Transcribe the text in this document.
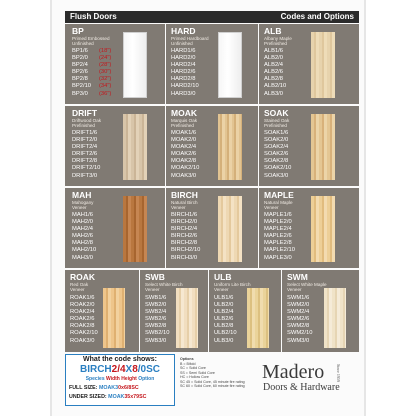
Flush Doors	Codes and Options
BP
Primed Embossed
Unfinished
BP1/6
BP2/0
BP2/4
BP2/6
BP2/8
BP2/10
BP3/0
(18")
(24")
(28")
(30")
(32")
(34")
(36")
HARD
Primed Hardboard
Unfinished
HARD1/6
HARD2/0
HARD2/4
HARD2/6
HARD2/8
HARD2/10
HARD3/0
ALB
Albany Maple
Prefinished
ALB1/6
ALB2/0
ALB2/4
ALB2/6
ALB2/8
ALB2/10
ALB3/0
DRIFT
Driftwood Oak
Prefinished
DRIFT1/6
DRIFT2/0
DRIFT2/4
DRIFT2/6
DRIFT2/8
DRIFT2/10
DRIFT3/0
MOAK
Marquis Oak
Prefinished
MOAK1/6
MOAK2/0
MOAK2/4
MOAK2/6
MOAK2/8
MOAK2/10
MOAK3/0
SOAK
Stained Oak
Prefinished
SOAK1/6
SOAK2/0
SOAK2/4
SOAK2/6
SOAK2/8
SOAK2/10
SOAK3/0
MAH
Mahogany
Veneer
MAH1/6
MAH2/0
MAH2/4
MAH2/6
MAH2/8
MAH2/10
MAH3/0
BIRCH
Natural Birch
Veneer
BIRCH1/6
BIRCH2/0
BIRCH2/4
BIRCH2/6
BIRCH2/8
BIRCH2/10
BIRCH3/0
MAPLE
Natural Maple
Veneer
MAPLE1/6
MAPLE2/0
MAPLE2/4
MAPLE2/6
MAPLE2/8
MAPLE2/10
MAPLE3/0
ROAK
Red Oak
Veneer
ROAK1/6
ROAK2/0
ROAK2/4
ROAK2/6
ROAK2/8
ROAK2/10
ROAK3/0
SWB
Select White Birch
Veneer
SWB1/6
SWB2/0
SWB2/4
SWB2/6
SWB2/8
SWB2/10
SWB3/0
ULB
Uniform Lite Birch
Veneer
ULB1/6
ULB2/0
ULB2/4
ULB2/6
ULB2/8
ULB2/10
ULB3/0
SWM
Select White Maple
Veneer
SWM1/6
SWM2/0
SWM2/4
SWM2/6
SWM2/8
SWM2/10
SWM3/0
What the code shows:
BIRCH2/4X8/0SC
Species Width Height Option
FULL SIZE: MOAK30x6/8SC
UNDER SIZED: MOAK35x79SC
Options
B = Bifold
SC = Solid Core
SS = Semi Solid Core
HC = Hollow Core
SC 45 = Solid Core, 45 minute fire rating
SC 60 = Solid Core, 60 minute fire rating
Madero
Doors & Hardware
Since 1959
